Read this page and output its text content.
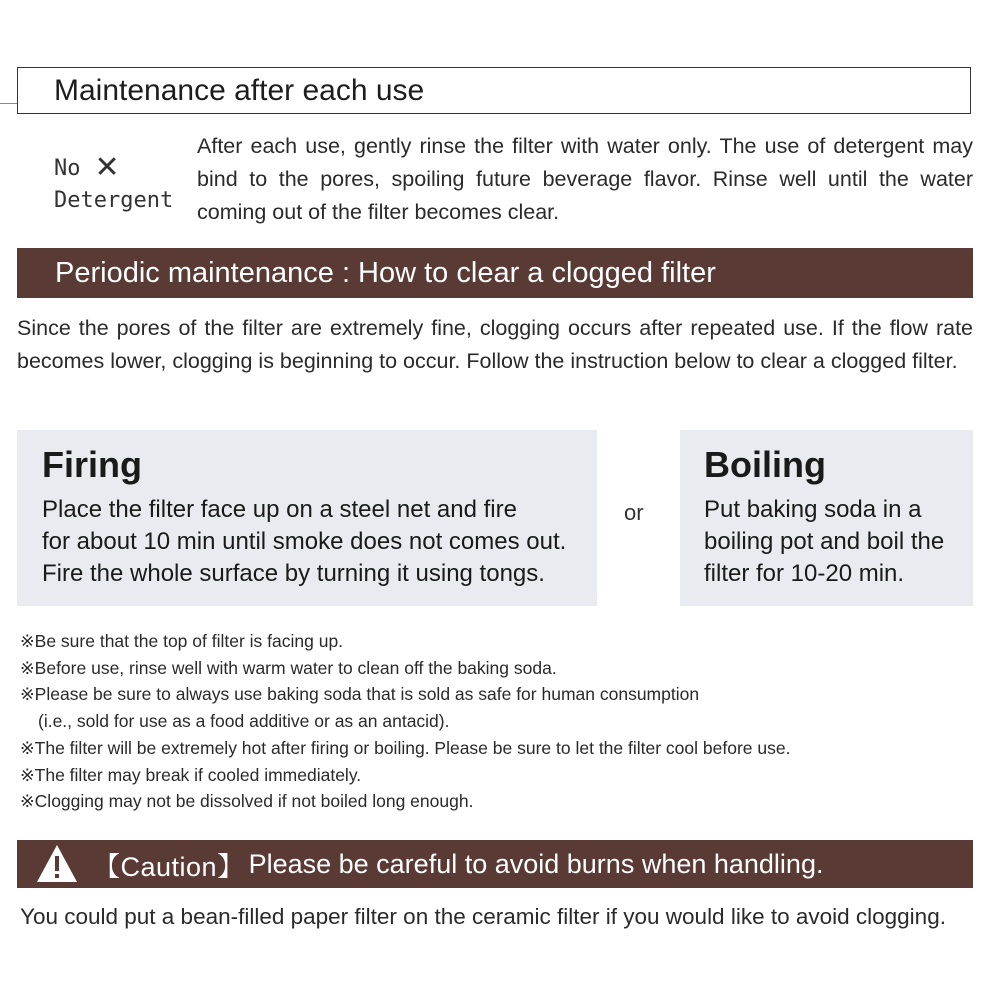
Maintenance after each use
No ✕
Detergent
After each use, gently rinse the filter with water only. The use of detergent may bind to the pores, spoiling future beverage flavor. Rinse well until the water coming out of the filter becomes clear.
Periodic maintenance : How to clear a clogged filter
Since the pores of the filter are extremely fine, clogging occurs after repeated use. If the flow rate becomes lower, clogging is beginning to occur. Follow the instruction below to clear a clogged filter.
Firing
Place the filter face up on a steel net and fire
for about 10 min until smoke does not comes out.
Fire the whole surface by turning it using tongs.
or
Boiling
Put baking soda in a
boiling pot and boil the
filter for 10-20 min.
※Be sure that the top of filter is facing up.
※Before use, rinse well with warm water to clean off the baking soda.
※Please be sure to always use baking soda that is sold as safe for human consumption
(i.e., sold for use as a food additive or as an antacid).
※The filter will be extremely hot after firing or boiling. Please be sure to let the filter cool before use.
※The filter may break if cooled immediately.
※Clogging may not be dissolved if not boiled long enough.
【Caution】 Please be careful to avoid burns when handling.
You could put a bean-filled paper filter on the ceramic filter if you would like to avoid clogging.
